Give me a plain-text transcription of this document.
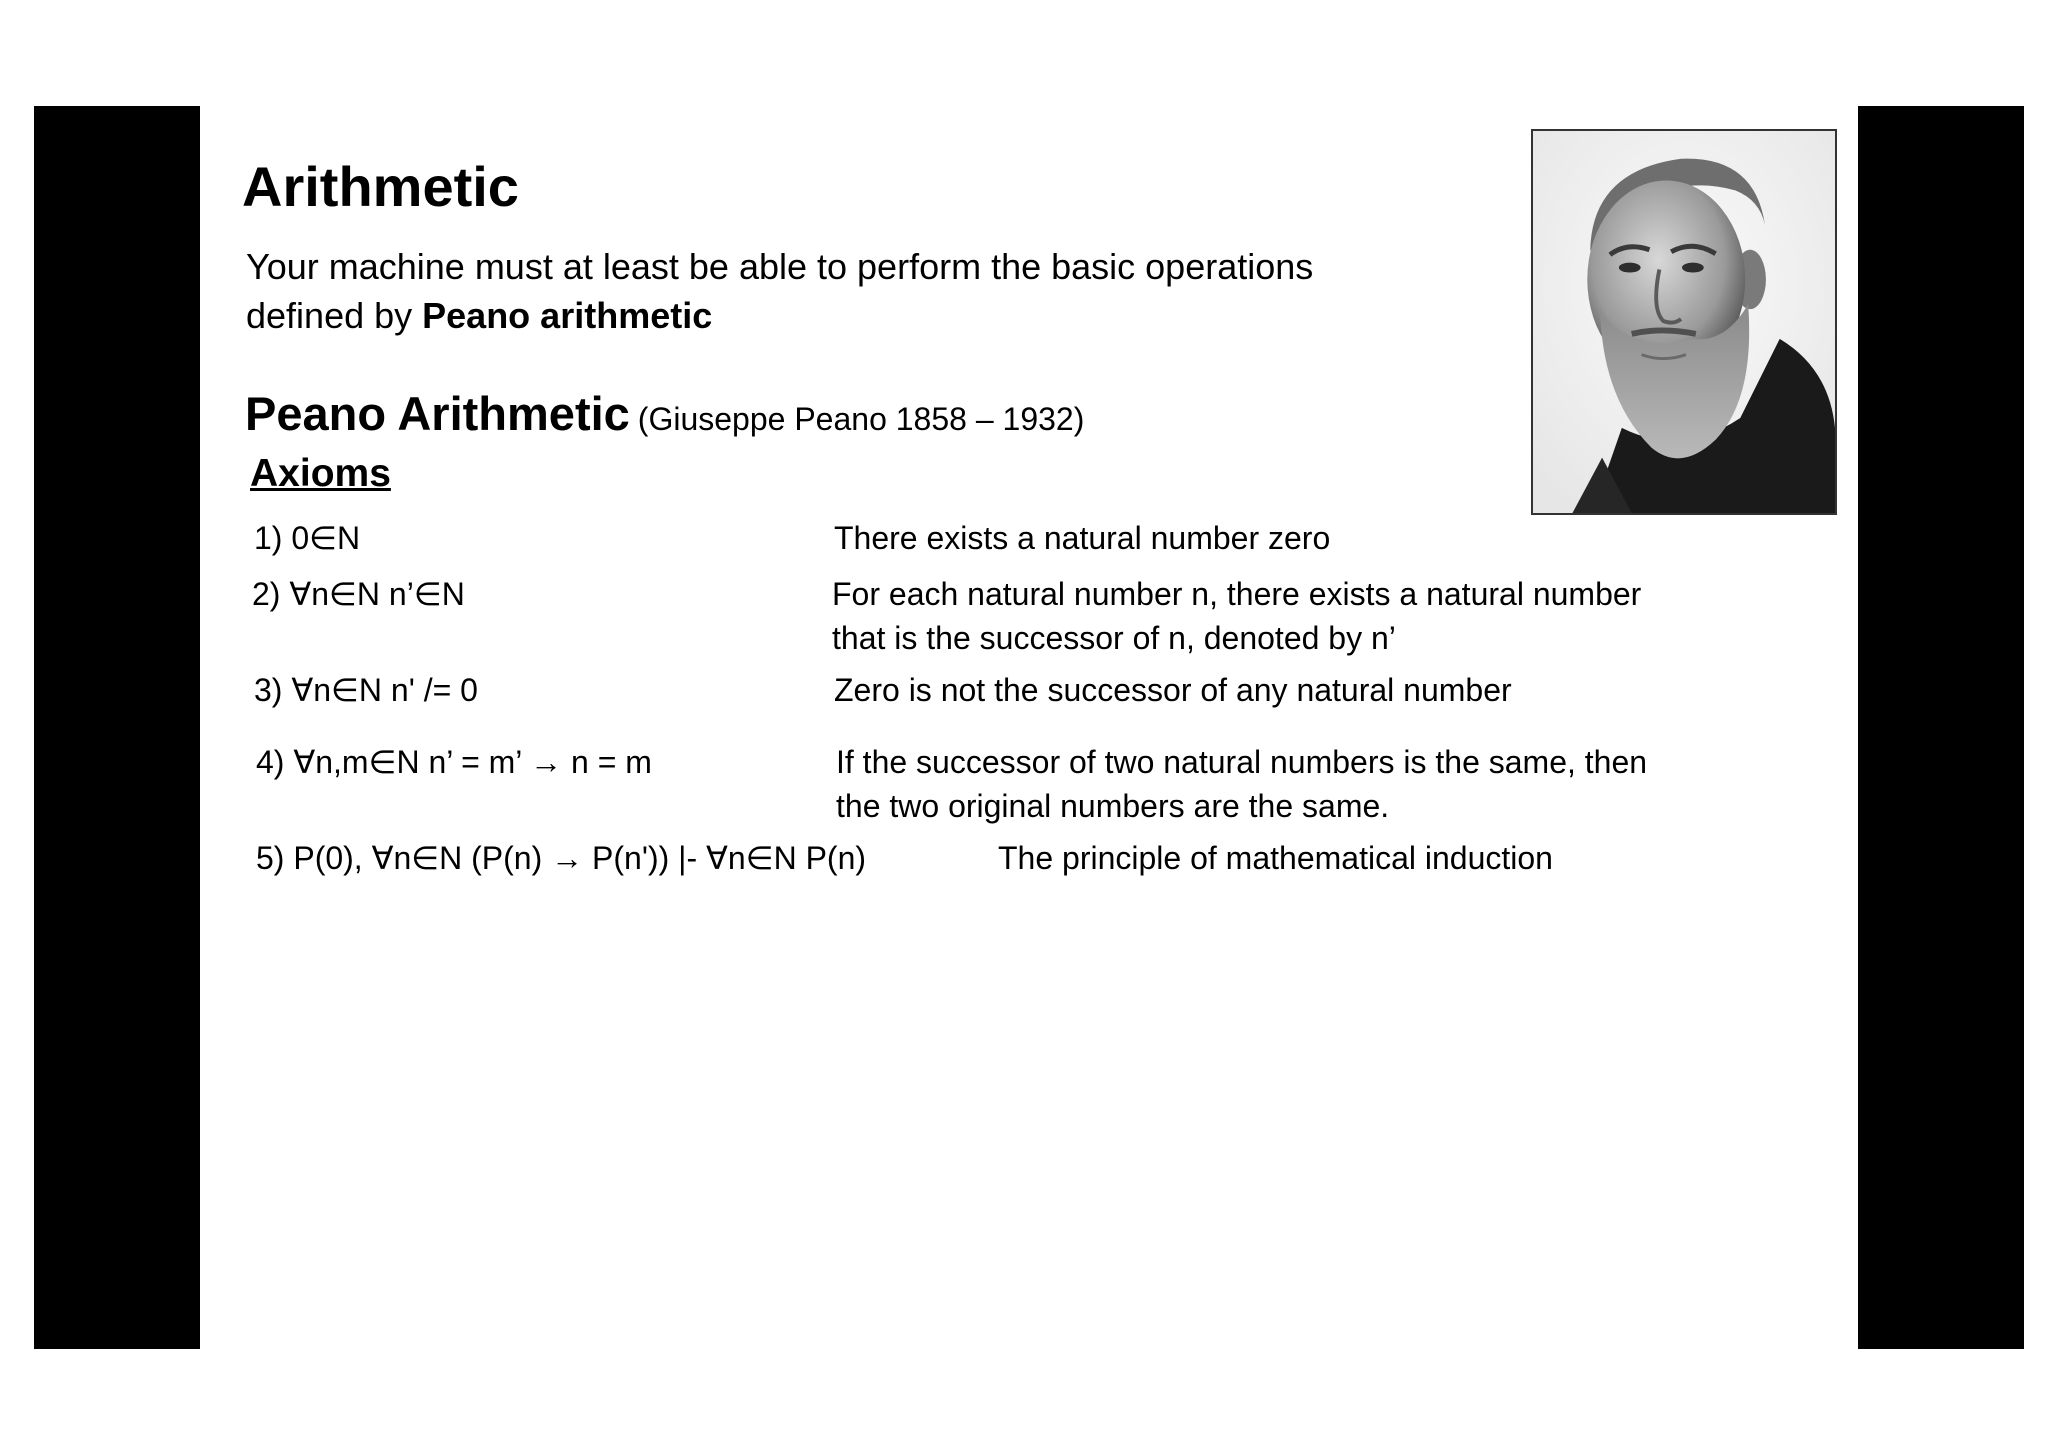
Arithmetic
Your machine must at least be able to perform the basic operations
defined by Peano arithmetic
Peano Arithmetic (Giuseppe Peano 1858 – 1932)
Axioms
1) 0∈N	There exists a natural number zero
2) ∀n∈N n’∈N	For each natural number n, there exists a natural number
that is the successor of n, denoted by n’
3) ∀n∈N n' /= 0	Zero is not the successor of any natural number
4) ∀n,m∈N n’ = m’ → n = m	If the successor of two natural numbers is the same, then
the two original numbers are the same.
5) P(0), ∀n∈N (P(n) → P(n')) |- ∀n∈N P(n)	The principle of mathematical induction
